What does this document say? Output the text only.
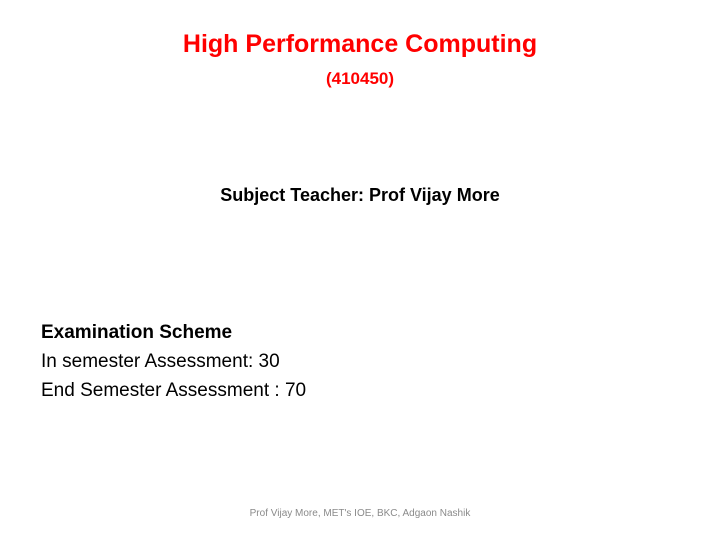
High Performance Computing
(410450)
Subject Teacher: Prof Vijay More
Examination Scheme
In semester Assessment: 30
End Semester Assessment : 70
Prof Vijay More, MET's IOE, BKC, Adgaon Nashik
